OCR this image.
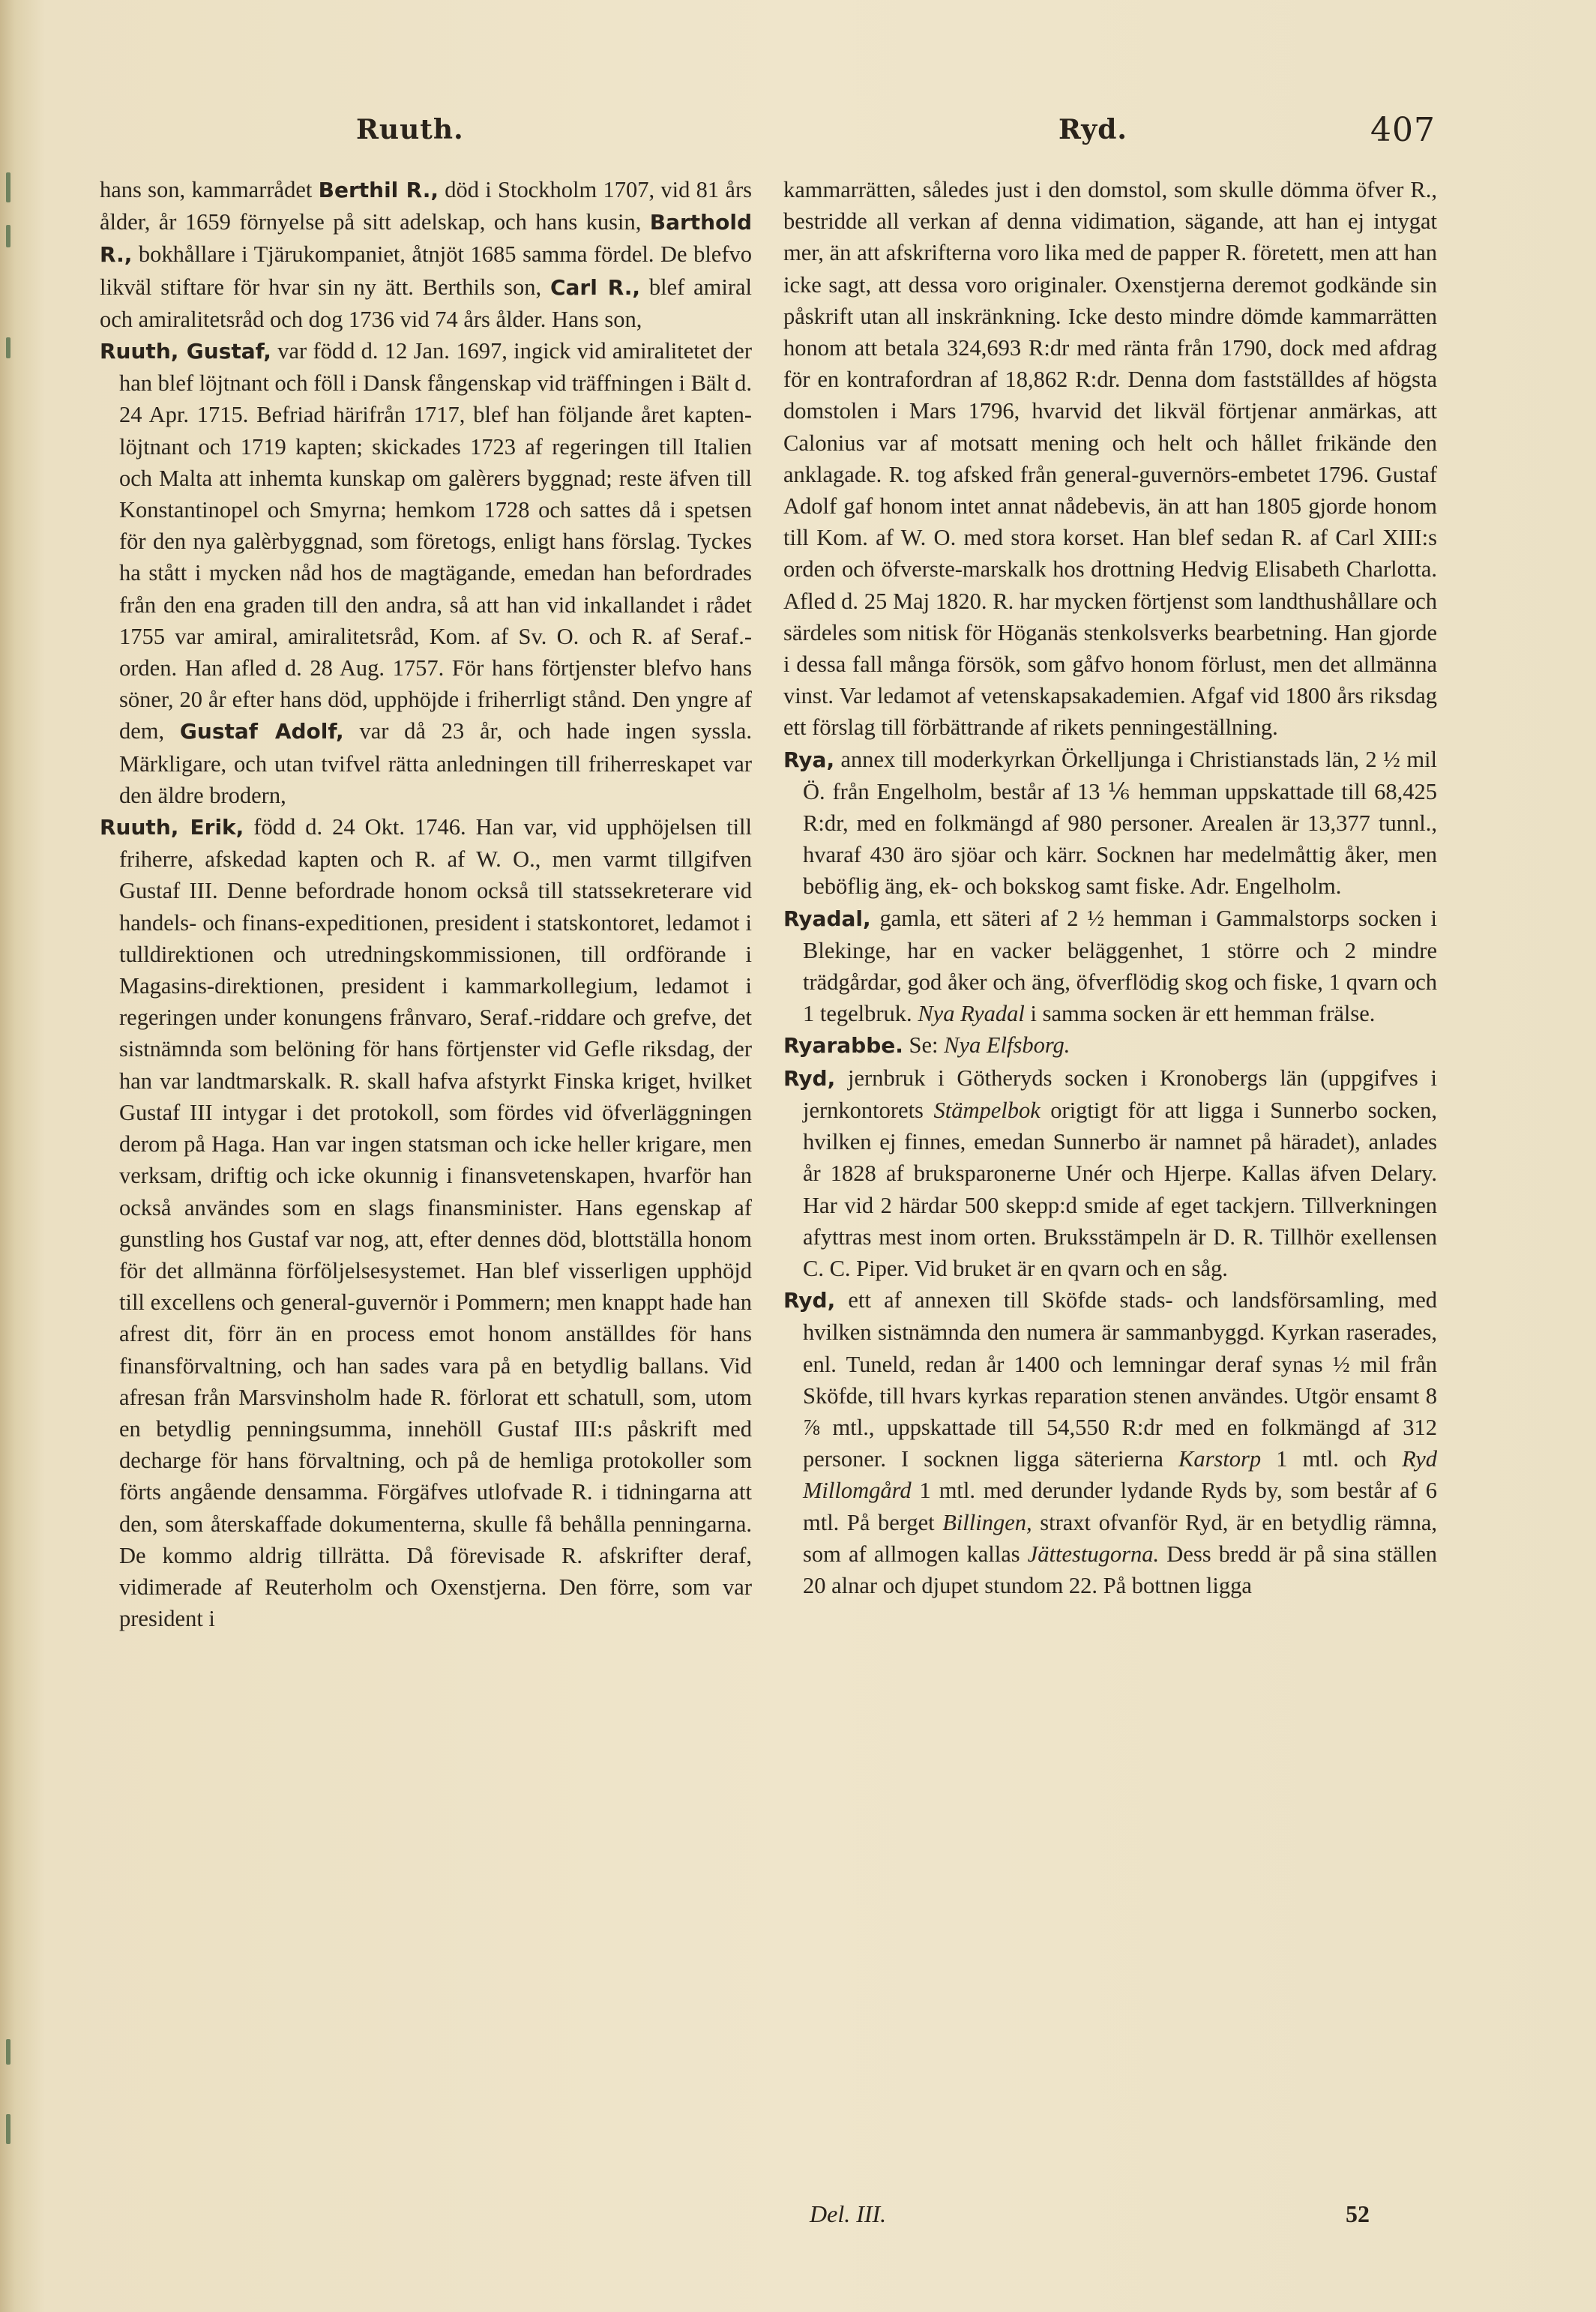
Ruuth.	Ryd.	407

hans son, kammarrådet Berthil R., död i Stockholm 1707, vid 81 års ålder, år 1659 förnyelse på sitt adelskap, och hans kusin, Barthold R., bokhållare i Tjärukompaniet, åtnjöt 1685 samma fördel. De blefvo likväl stiftare för hvar sin ny ätt. Berthils son, Carl R., blef amiral och amiralitetsråd och dog 1736 vid 74 års ålder. Hans son,

Ruuth, Gustaf, var född d. 12 Jan. 1697, ingick vid amiralitetet der han blef löjtnant och föll i Dansk fångenskap vid träffningen i Bält d. 24 Apr. 1715. Befriad härifrån 1717, blef han följande året kapten-löjtnant och 1719 kapten; skickades 1723 af regeringen till Italien och Malta att inhemta kunskap om galèrers byggnad; reste äfven till Konstantinopel och Smyrna; hemkom 1728 och sattes då i spetsen för den nya galèrbyggnad, som företogs, enligt hans förslag. Tyckes ha stått i mycken nåd hos de magtägande, emedan han befordrades från den ena graden till den andra, så att han vid inkallandet i rådet 1755 var amiral, amiralitetsråd, Kom. af Sv. O. och R. af Seraf.-orden. Han afled d. 28 Aug. 1757. För hans förtjenster blefvo hans söner, 20 år efter hans död, upphöjde i friherrligt stånd. Den yngre af dem, Gustaf Adolf, var då 23 år, och hade ingen syssla. Märkligare, och utan tvifvel rätta anledningen till friherreskapet var den äldre brodern,

Ruuth, Erik, född d. 24 Okt. 1746. Han var, vid upphöjelsen till friherre, afskedad kapten och R. af W. O., men varmt tillgifven Gustaf III. Denne befordrade honom också till statssekreterare vid handels- och finans-expeditionen, president i statskontoret, ledamot i tulldirektionen och utredningskommissionen, till ordförande i Magasins-direktionen, president i kammarkollegium, ledamot i regeringen under konungens frånvaro, Seraf.-riddare och grefve, det sistnämnda som belöning för hans förtjenster vid Gefle riksdag, der han var landtmarskalk. R. skall hafva afstyrkt Finska kriget, hvilket Gustaf III intygar i det protokoll, som fördes vid öfverläggningen derom på Haga. Han var ingen statsman och icke heller krigare, men verksam, driftig och icke okunnig i finansvetenskapen, hvarför han också användes som en slags finansminister. Hans egenskap af gunstling hos Gustaf var nog, att, efter dennes död, blottställa honom för det allmänna förföljelsesystemet. Han blef visserligen upphöjd till excellens och general-guvernör i Pommern; men knappt hade han afrest dit, förr än en process emot honom anställdes för hans finansförvaltning, och han sades vara på en betydlig ballans. Vid afresan från Marsvinsholm hade R. förlorat ett schatull, som, utom en betydlig penningsumma, innehöll Gustaf III:s påskrift med decharge för hans förvaltning, och på de hemliga protokoller som förts angående densamma. Förgäfves utlofvade R. i tidningarna att den, som återskaffade dokumenterna, skulle få behålla penningarna. De kommo aldrig tillrätta. Då förevisade R. afskrifter deraf, vidimerade af Reuterholm och Oxenstjerna. Den förre, som var president i

kammarrätten, således just i den domstol, som skulle dömma öfver R., bestridde all verkan af denna vidimation, sägande, att han ej intygat mer, än att afskrifterna voro lika med de papper R. företett, men att han icke sagt, att dessa voro originaler. Oxenstjerna deremot godkände sin påskrift utan all inskränkning. Icke desto mindre dömde kammarrätten honom att betala 324,693 R:dr med ränta från 1790, dock med afdrag för en kontrafordran af 18,862 R:dr. Denna dom fastställdes af högsta domstolen i Mars 1796, hvarvid det likväl förtjenar anmärkas, att Calonius var af motsatt mening och helt och hållet frikände den anklagade. R. tog afsked från general-guvernörs-embetet 1796. Gustaf Adolf gaf honom intet annat nådebevis, än att han 1805 gjorde honom till Kom. af W. O. med stora korset. Han blef sedan R. af Carl XIII:s orden och öfverste-marskalk hos drottning Hedvig Elisabeth Charlotta. Afled d. 25 Maj 1820. R. har mycken förtjenst som landthushållare och särdeles som nitisk för Höganäs stenkolsverks bearbetning. Han gjorde i dessa fall många försök, som gåfvo honom förlust, men det allmänna vinst. Var ledamot af vetenskapsakademien. Afgaf vid 1800 års riksdag ett förslag till förbättrande af rikets penningeställning.

Rya, annex till moderkyrkan Örkelljunga i Christianstads län, 2 ½ mil Ö. från Engelholm, består af 13 ⅙ hemman uppskattade till 68,425 R:dr, med en folkmängd af 980 personer. Arealen är 13,377 tunnl., hvaraf 430 äro sjöar och kärr. Socknen har medelmåttig åker, men beböflig äng, ek- och bokskog samt fiske. Adr. Engelholm.

Ryadal, gamla, ett säteri af 2 ½ hemman i Gammalstorps socken i Blekinge, har en vacker beläggenhet, 1 större och 2 mindre trädgårdar, god åker och äng, öfverflödig skog och fiske, 1 qvarn och 1 tegelbruk. Nya Ryadal i samma socken är ett hemman frälse.

Ryarabbe. Se: Nya Elfsborg.

Ryd, jernbruk i Götheryds socken i Kronobergs län (uppgifves i jernkontorets Stämpelbok origtigt för att ligga i Sunnerbo socken, hvilken ej finnes, emedan Sunnerbo är namnet på häradet), anlades år 1828 af bruksparonerne Unér och Hjerpe. Kallas äfven Delary. Har vid 2 härdar 500 skepp:d smide af eget tackjern. Tillverkningen afyttras mest inom orten. Bruksstämpeln är D. R. Tillhör exellensen C. C. Piper. Vid bruket är en qvarn och en såg.

Ryd, ett af annexen till Sköfde stads- och landsförsamling, med hvilken sistnämnda den numera är sammanbyggd. Kyrkan raserades, enl. Tuneld, redan år 1400 och lemningar deraf synas ½ mil från Sköfde, till hvars kyrkas reparation stenen användes. Utgör ensamt 8 ⅞ mtl., uppskattade till 54,550 R:dr med en folkmängd af 312 personer. I socknen ligga säterierna Karstorp 1 mtl. och Ryd Millomgård 1 mtl. med derunder lydande Ryds by, som består af 6 mtl. På berget Billingen, straxt ofvanför Ryd, är en betydlig rämna, som af allmogen kallas Jättestugorna. Dess bredd är på sina ställen 20 alnar och djupet stundom 22. På bottnen ligga

Del. III.	52
